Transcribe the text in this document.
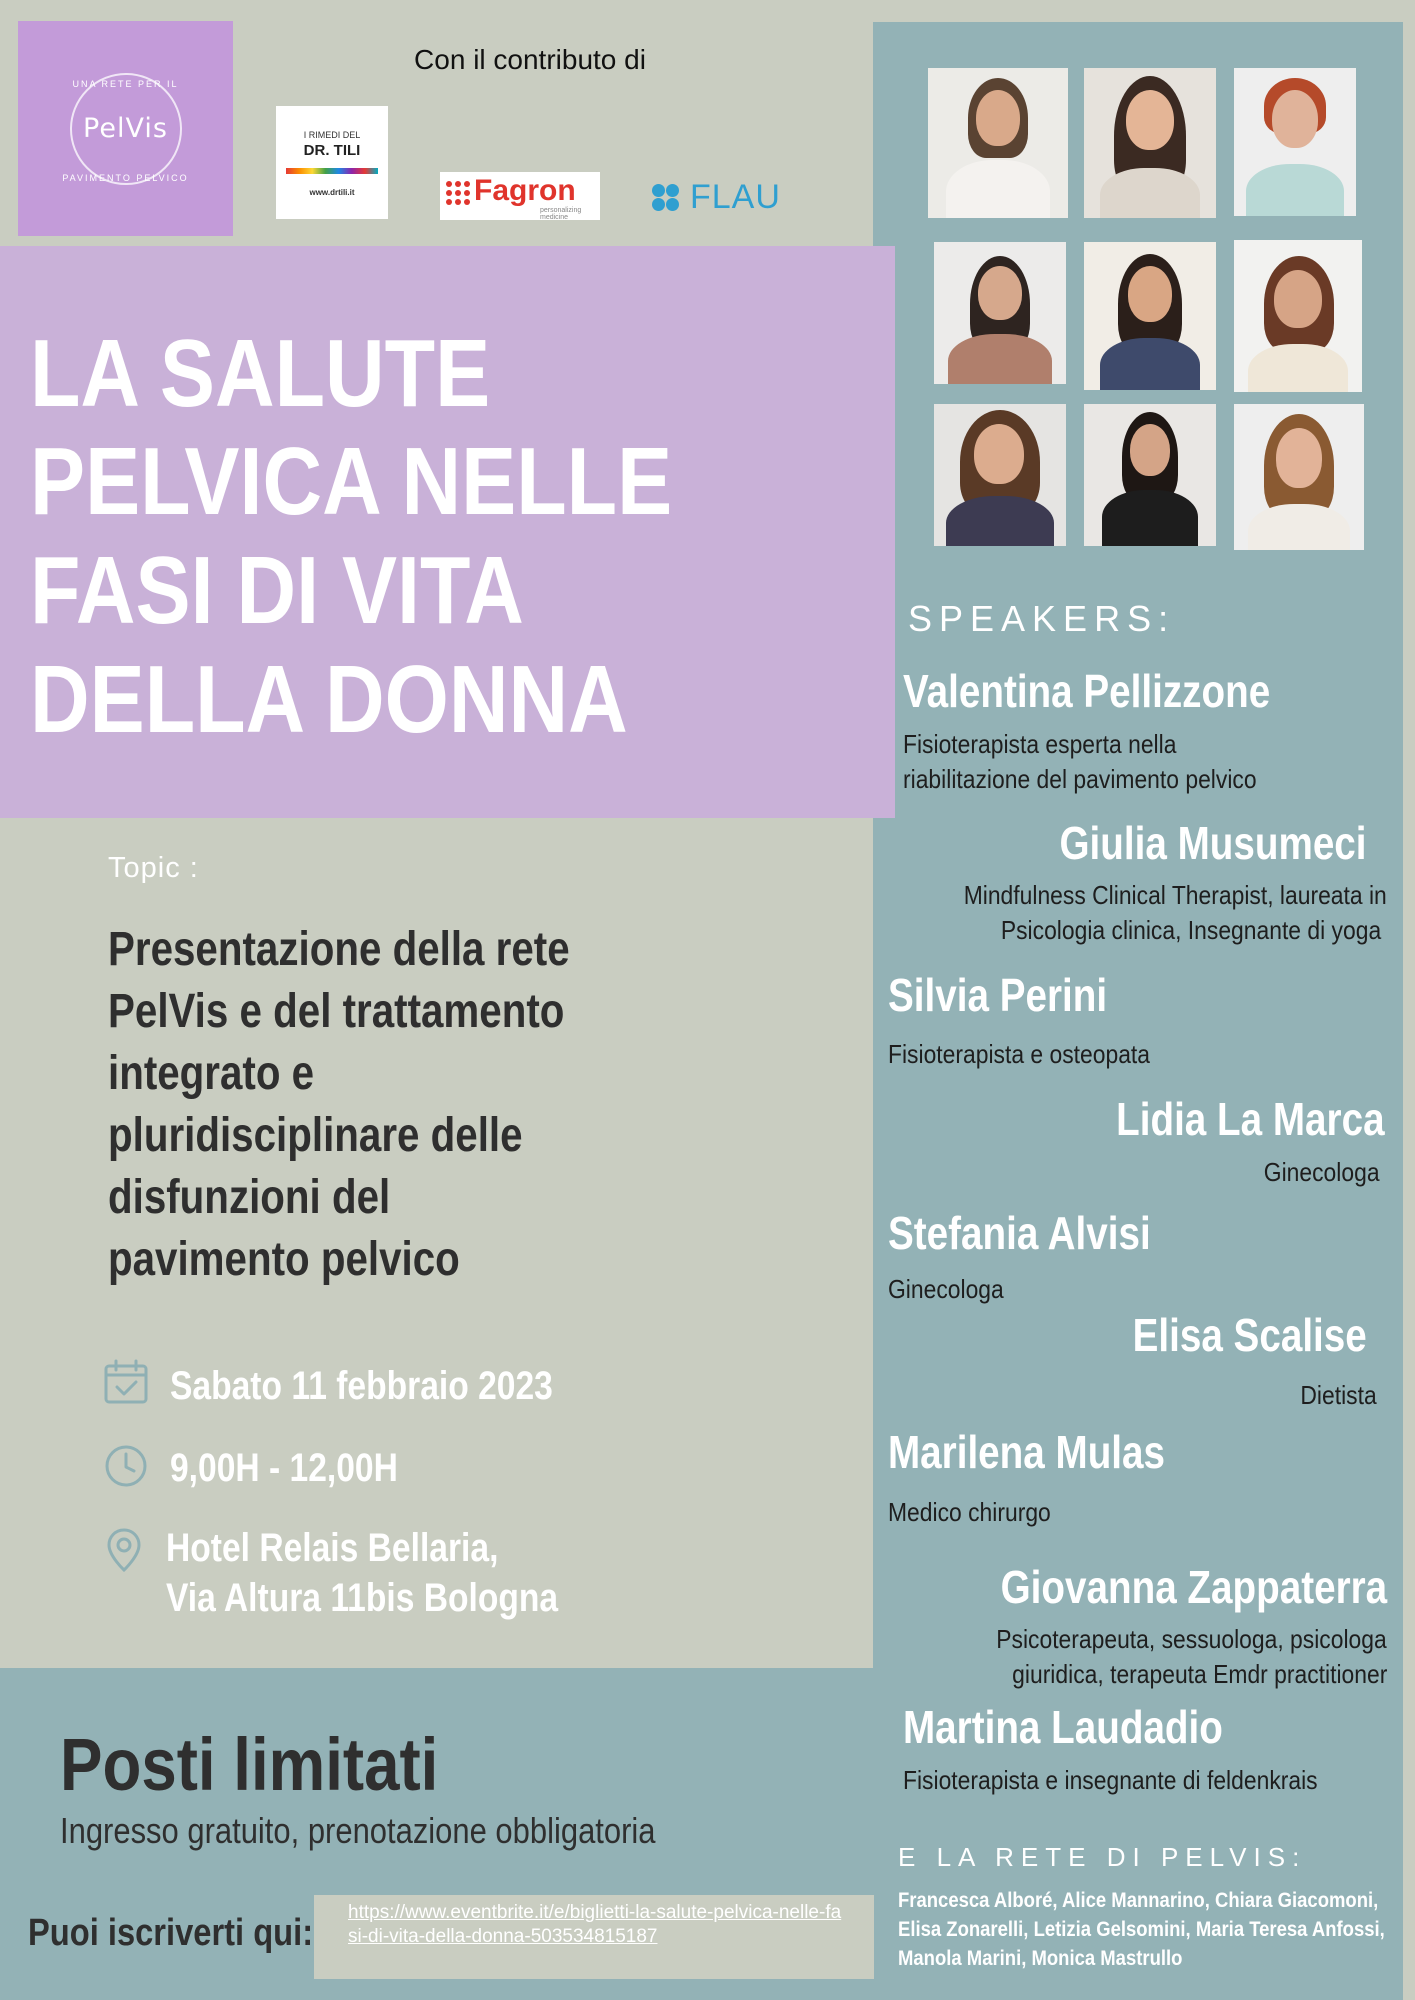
UNA RETE PER IL
PelVis
PAVIMENTO PELVICO
Con il contributo di
I RIMEDI DEL
DR. TILI
www.drtili.it	Fagron
personalizing
medicine
FLAU
LA SALUTE
PELVICA NELLE
FASI DI VITA
DELLA DONNA
Topic :
Presentazione della rete
PelVis e del trattamento
integrato e
pluridisciplinare delle
disfunzioni del
pavimento pelvico
Sabato 11 febbraio 2023
9,00H - 12,00H
Hotel Relais Bellaria,
Via Altura 11bis Bologna
Posti limitati
Ingresso gratuito, prenotazione obbligatoria
Puoi iscriverti qui: https://www.eventbrite.it/e/biglietti-la-salute-pelvica-nelle-fasi-di-vita-della-donna-503534815187
SPEAKERS:
Valentina Pellizzone
Fisioterapista esperta nella
riabilitazione del pavimento pelvico
Giulia Musumeci
Mindfulness Clinical Therapist, laureata in
Psicologia clinica, Insegnante di yoga
Silvia Perini
Fisioterapista e osteopata
Lidia La Marca
Ginecologa
Stefania Alvisi
Ginecologa
Elisa Scalise
Dietista
Marilena Mulas
Medico chirurgo
Giovanna Zappaterra
Psicoterapeuta, sessuologa, psicologa
giuridica, terapeuta Emdr practitioner
Martina Laudadio
Fisioterapista e insegnante di feldenkrais
E LA RETE DI PELVIS:
Francesca Alboré, Alice Mannarino, Chiara Giacomoni, Elisa Zonarelli, Letizia Gelsomini, Maria Teresa Anfossi, Manola Marini, Monica Mastrullo
